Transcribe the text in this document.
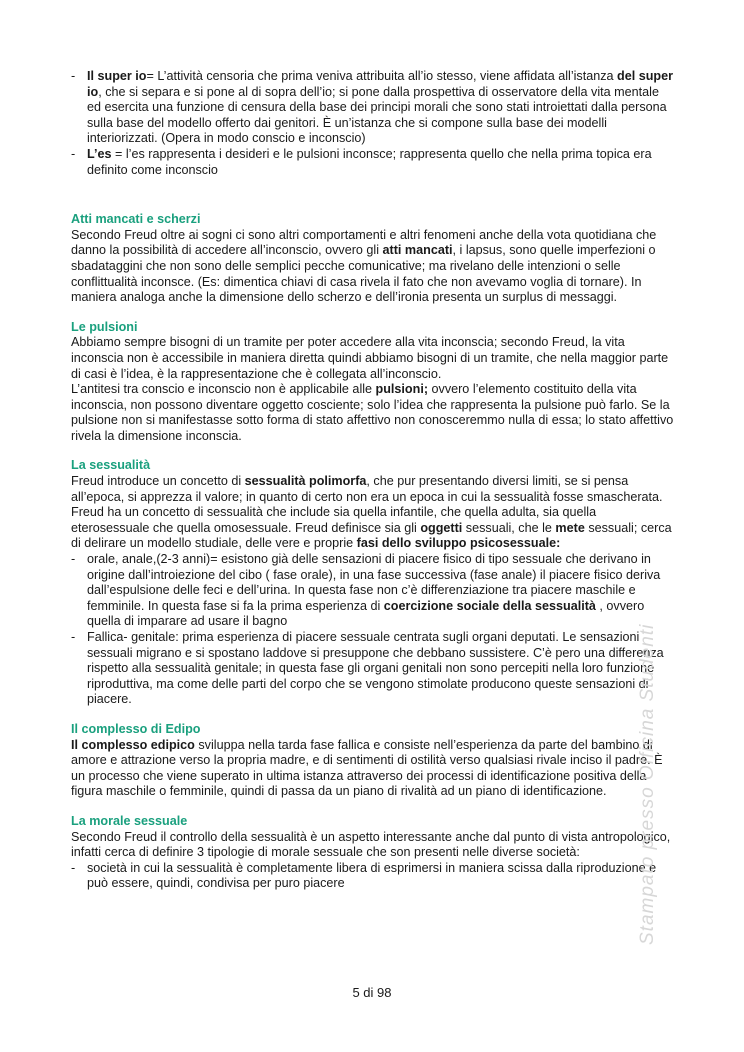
- Il super io= L’attività censoria che prima veniva attribuita all’io stesso, viene affidata all’istanza del super io, che si separa e si pone al di sopra dell’io; si pone dalla prospettiva di osservatore della vita mentale ed esercita una funzione di censura della base dei principi morali che sono stati introiettati dalla persona sulla base del modello offerto dai genitori. È un’istanza che si compone sulla base dei modelli interiorizzati. (Opera in modo conscio e inconscio)

- L’es = l’es rappresenta i desideri e le pulsioni inconsce; rappresenta quello che nella prima topica era definito come inconscio

Atti mancati e scherzi

Secondo Freud oltre ai sogni ci sono altri comportamenti e altri fenomeni anche della vota quotidiana che danno la possibilità di accedere all’inconscio, ovvero gli atti mancati, i lapsus, sono quelle imperfezioni o sbadataggini che non sono delle semplici pecche comunicative; ma rivelano delle intenzioni o selle conflittualità inconsce. (Es: dimentica chiavi di casa rivela il fato che non avevamo voglia di tornare). In maniera analoga anche la dimensione dello scherzo e dell’ironia presenta un surplus di messaggi.

Le pulsioni

Abbiamo sempre bisogni di un tramite per poter accedere alla vita inconscia; secondo Freud, la vita inconscia non è accessibile in maniera diretta quindi abbiamo bisogni di un tramite, che nella maggior parte di casi è l’idea, è la rappresentazione che è collegata all’inconscio.

L’antitesi tra conscio e inconscio non è applicabile alle pulsioni; ovvero l’elemento costituito della vita inconscia, non possono diventare oggetto cosciente; solo l’idea che rappresenta la pulsione può farlo. Se la pulsione non si manifestasse sotto forma di stato affettivo non conosceremmo nulla di essa; lo stato affettivo rivela la dimensione inconscia.

La sessualità

Freud introduce un concetto di sessualità polimorfa, che pur presentando diversi limiti, se si pensa all’epoca, si apprezza il valore; in quanto di certo non era un epoca in cui la sessualità fosse smascherata.

Freud ha un concetto di sessualità che include sia quella infantile, che quella adulta, sia quella eterosessuale che quella omosessuale. Freud definisce sia gli oggetti sessuali, che le mete sessuali; cerca di delirare un modello studiale, delle vere e proprie fasi dello sviluppo psicosessuale:

- orale, anale,(2-3 anni)= esistono già delle sensazioni di piacere fisico di tipo sessuale che derivano in origine dall’introiezione del cibo ( fase orale), in una fase successiva (fase anale) il piacere fisico deriva dall’espulsione delle feci e dell’urina. In questa fase non c’è differenziazione tra piacere maschile e femminile. In questa fase si fa la prima esperienza di coercizione sociale della sessualità , ovvero quella di imparare ad usare il bagno

- Fallica- genitale: prima esperienza di piacere sessuale centrata sugli organi deputati. Le sensazioni sessuali migrano e si spostano laddove si presuppone che debbano sussistere. C’è pero una differenza rispetto alla sessualità genitale; in questa fase gli organi genitali non sono percepiti nella loro funzione riproduttiva, ma come delle parti del corpo che se vengono stimolate producono queste sensazioni di piacere.

Il complesso di Edipo

Il complesso edipico sviluppa nella tarda fase fallica e consiste nell’esperienza da parte del bambino di amore e attrazione verso la propria madre, e di sentimenti di ostilità verso qualsiasi rivale inciso il padre. È un processo che viene superato in ultima istanza attraverso dei processi di identificazione positiva della figura maschile o femminile, quindi di passa da un piano di rivalità ad un piano di identificazione.

La morale sessuale

Secondo Freud il controllo della sessualità è un aspetto interessante anche dal punto di vista antropologico, infatti cerca di definire 3 tipologie di morale sessuale che son presenti nelle diverse società:

- società in cui la sessualità è completamente libera di esprimersi in maniera scissa dalla riproduzione e può essere, quindi, condivisa per puro piacere	Stampato presso Officina Studenti
5 di 98
